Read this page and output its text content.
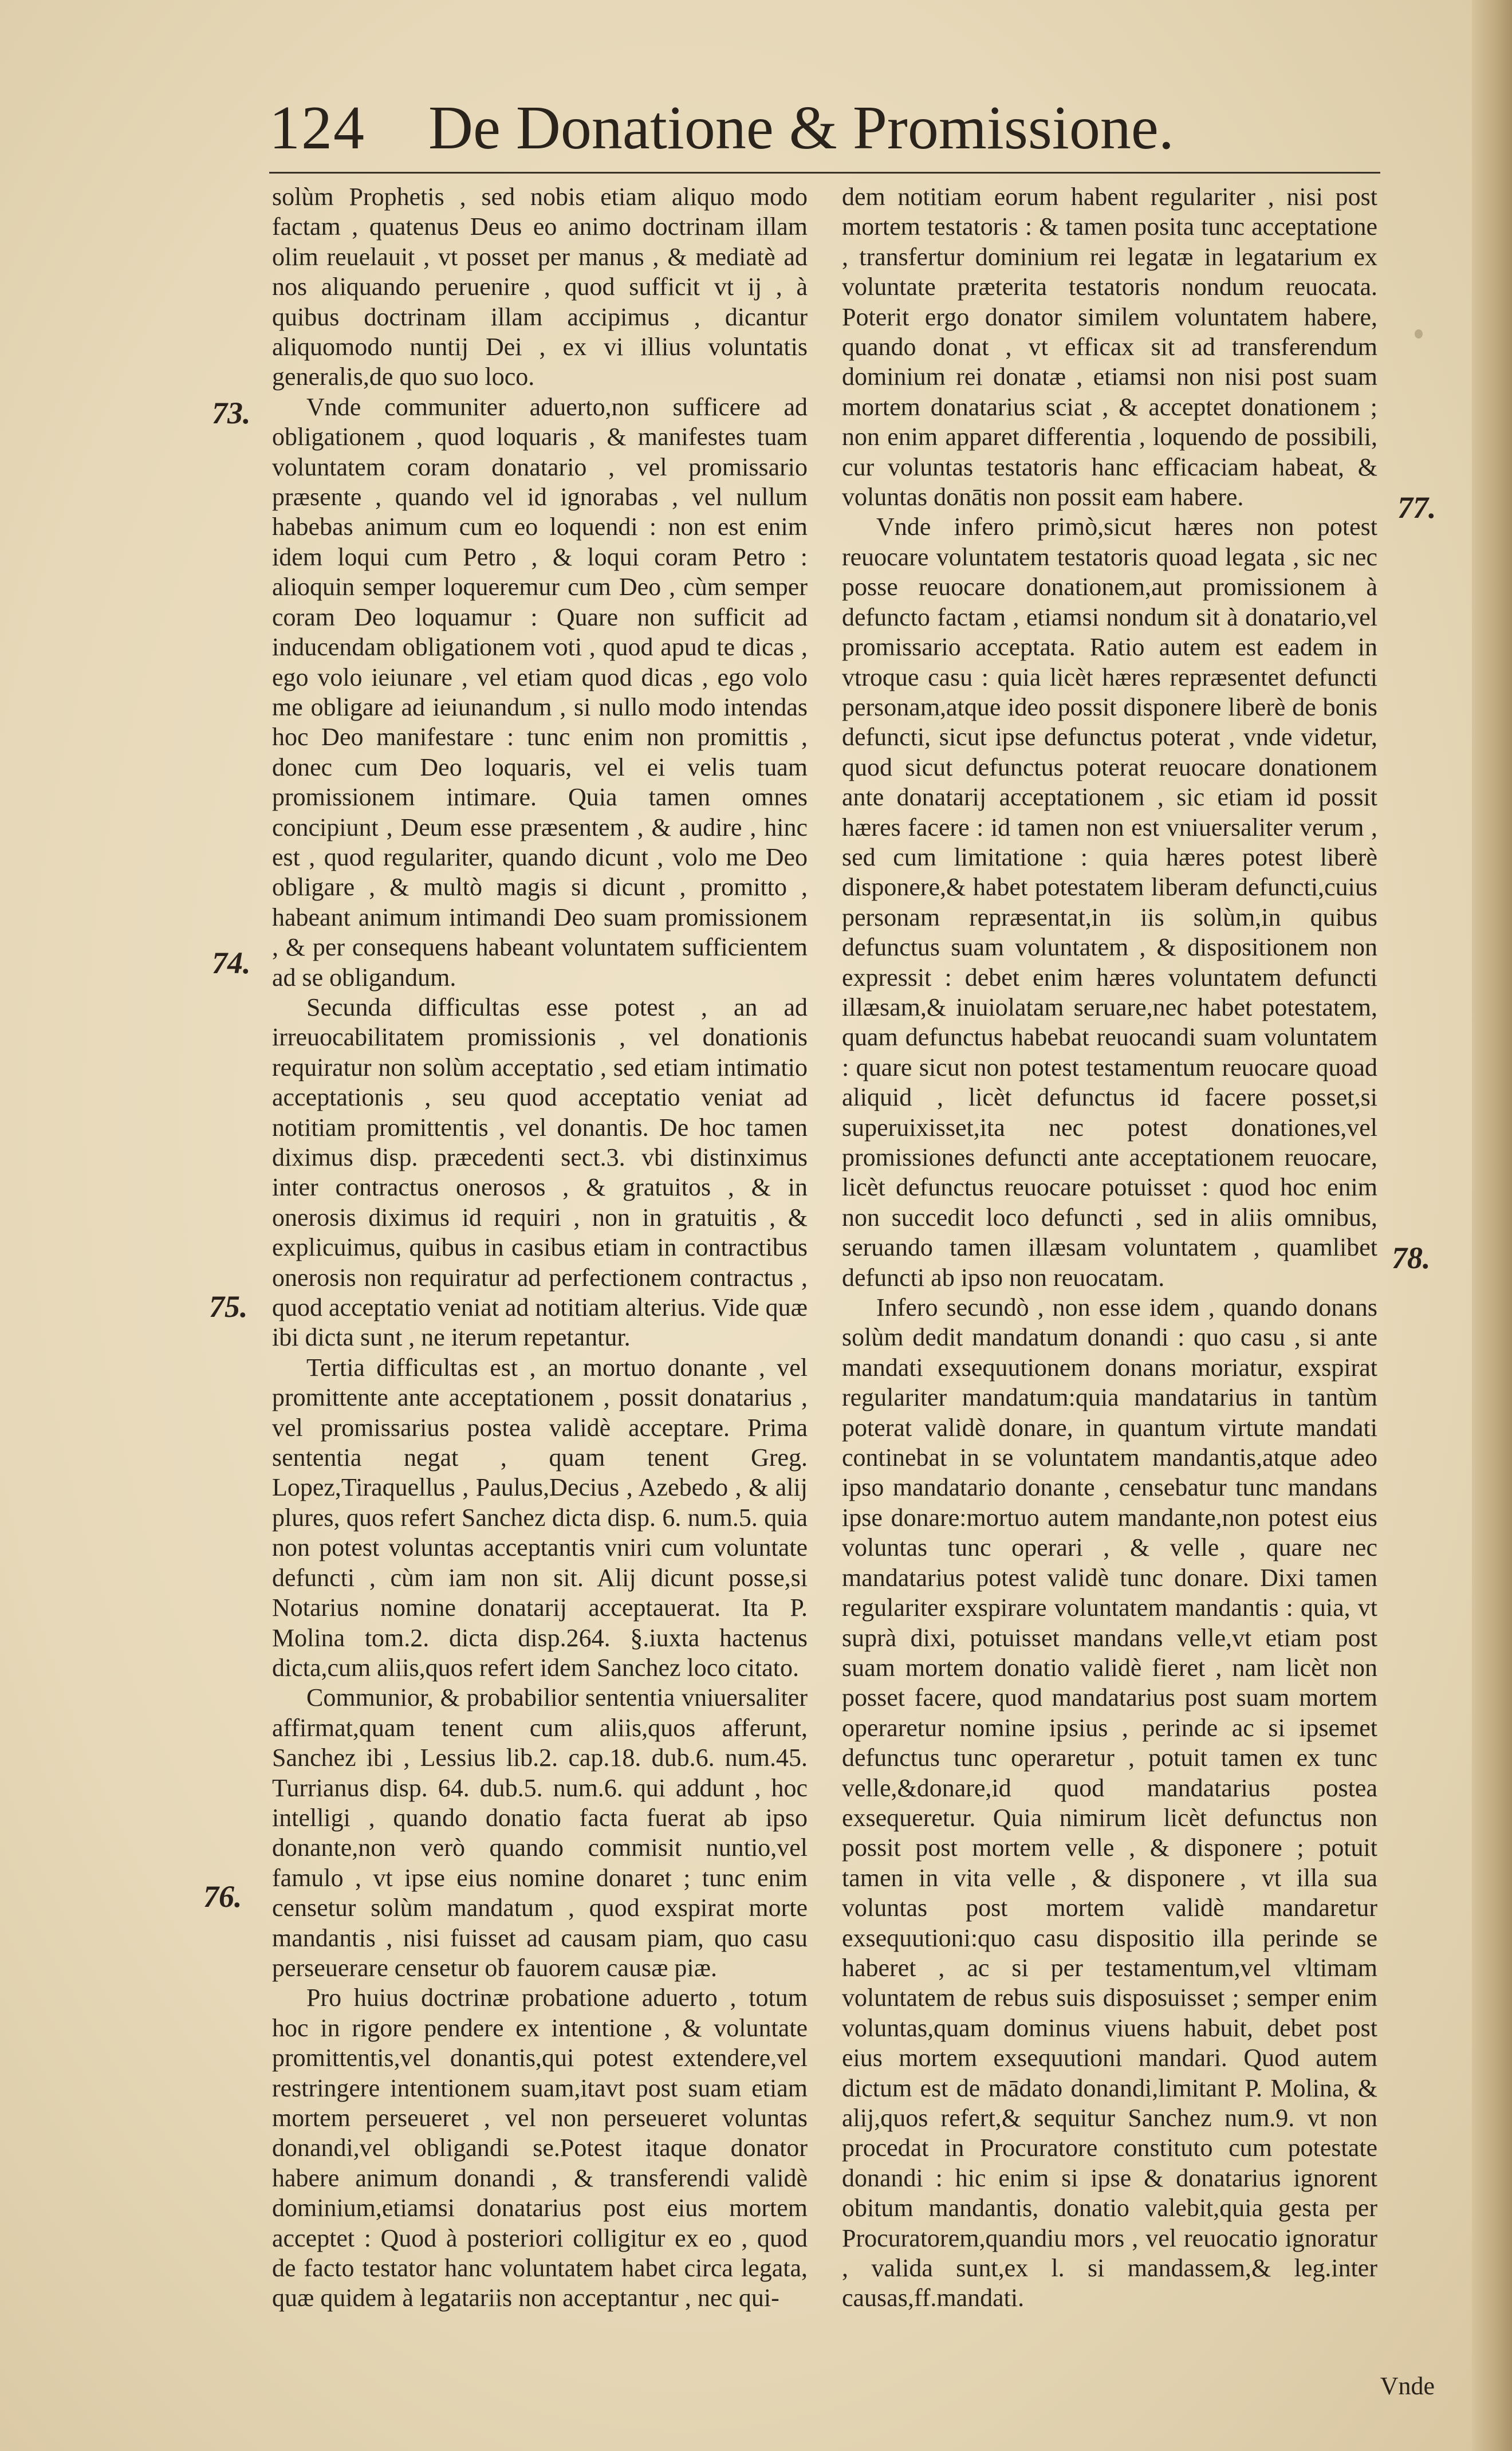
124 De Donatione & Promissione.
73.
74.
75.
76.
77.
78.

solùm Prophetis , sed nobis etiam aliquo modo factam , quatenus Deus eo animo doctrinam illam olim reuelauit , vt posset per manus , & mediatè ad nos aliquando peruenire , quod sufficit vt ij , à quibus doctrinam illam accipimus , dicantur aliquomodo nuntij Dei , ex vi illius voluntatis generalis,de quo suo loco.

Vnde communiter aduerto,non sufficere ad obligationem , quod loquaris , & manifestes tuam voluntatem coram donatario , vel promissario præsente , quando vel id ignorabas , vel nullum habebas animum cum eo loquendi : non est enim idem loqui cum Petro , & loqui coram Petro : alioquin semper loqueremur cum Deo , cùm semper coram Deo loquamur : Quare non sufficit ad inducendam obligationem voti , quod apud te dicas , ego volo ieiunare , vel etiam quod dicas , ego volo me obligare ad ieiunandum , si nullo modo intendas hoc Deo manifestare : tunc enim non promittis , donec cum Deo loquaris, vel ei velis tuam promissionem intimare. Quia tamen omnes concipiunt , Deum esse præsentem , & audire , hinc est , quod regulariter, quando dicunt , volo me Deo obligare , & multò magis si dicunt , promitto , habeant animum intimandi Deo suam promissionem , & per consequens habeant voluntatem sufficientem ad se obligandum.

Secunda difficultas esse potest , an ad irreuocabilitatem promissionis , vel donationis requiratur non solùm acceptatio , sed etiam intimatio acceptationis , seu quod acceptatio veniat ad notitiam promittentis , vel donantis. De hoc tamen diximus disp. præcedenti sect.3. vbi distinximus inter contractus onerosos , & gratuitos , & in onerosis diximus id requiri , non in gratuitis , & explicuimus, quibus in casibus etiam in contractibus onerosis non requiratur ad perfectionem contractus , quod acceptatio veniat ad notitiam alterius. Vide quæ ibi dicta sunt , ne iterum repetantur.

Tertia difficultas est , an mortuo donante , vel promittente ante acceptationem , possit donatarius , vel promissarius postea validè acceptare. Prima sententia negat , quam tenent Greg. Lopez,Tiraquellus , Paulus,Decius , Azebedo , & alij plures, quos refert Sanchez dicta disp. 6. num.5. quia non potest voluntas acceptantis vniri cum voluntate defuncti , cùm iam non sit. Alij dicunt posse,si Notarius nomine donatarij acceptauerat. Ita P. Molina tom.2. dicta disp.264. §.iuxta hactenus dicta,cum aliis,quos refert idem Sanchez loco citato.

Communior, & probabilior sententia vniuersaliter affirmat,quam tenent cum aliis,quos afferunt, Sanchez ibi , Lessius lib.2. cap.18. dub.6. num.45. Turrianus disp. 64. dub.5. num.6. qui addunt , hoc intelligi , quando donatio facta fuerat ab ipso donante,non verò quando commisit nuntio,vel famulo , vt ipse eius nomine donaret ; tunc enim censetur solùm mandatum , quod exspirat morte mandantis , nisi fuisset ad causam piam, quo casu perseuerare censetur ob fauorem causæ piæ.

Pro huius doctrinæ probatione aduerto , totum hoc in rigore pendere ex intentione , & voluntate promittentis,vel donantis,qui potest extendere,vel restringere intentionem suam,itavt post suam etiam mortem perseueret , vel non perseueret voluntas donandi,vel obligandi se.Potest itaque donator habere animum donandi , & transferendi validè dominium,etiamsi donatarius post eius mortem acceptet : Quod à posteriori colligitur ex eo , quod de facto testator hanc voluntatem habet circa legata, quæ quidem à legatariis non acceptantur , nec qui-

dem notitiam eorum habent regulariter , nisi post mortem testatoris : & tamen posita tunc acceptatione , transfertur dominium rei legatæ in legatarium ex voluntate præterita testatoris nondum reuocata. Poterit ergo donator similem voluntatem habere, quando donat , vt efficax sit ad transferendum dominium rei donatæ , etiamsi non nisi post suam mortem donatarius sciat , & acceptet donationem ; non enim apparet differentia , loquendo de possibili, cur voluntas testatoris hanc efficaciam habeat, & voluntas donātis non possit eam habere.

Vnde infero primò,sicut hæres non potest reuocare voluntatem testatoris quoad legata , sic nec posse reuocare donationem,aut promissionem à defuncto factam , etiamsi nondum sit à donatario,vel promissario acceptata. Ratio autem est eadem in vtroque casu : quia licèt hæres repræsentet defuncti personam,atque ideo possit disponere liberè de bonis defuncti, sicut ipse defunctus poterat , vnde videtur, quod sicut defunctus poterat reuocare donationem ante donatarij acceptationem , sic etiam id possit hæres facere : id tamen non est vniuersaliter verum , sed cum limitatione : quia hæres potest liberè disponere,& habet potestatem liberam defuncti,cuius personam repræsentat,in iis solùm,in quibus defunctus suam voluntatem , & dispositionem non expressit : debet enim hæres voluntatem defuncti illæsam,& inuiolatam seruare,nec habet potestatem, quam defunctus habebat reuocandi suam voluntatem : quare sicut non potest testamentum reuocare quoad aliquid , licèt defunctus id facere posset,si superuixisset,ita nec potest donationes,vel promissiones defuncti ante acceptationem reuocare, licèt defunctus reuocare potuisset : quod hoc enim non succedit loco defuncti , sed in aliis omnibus, seruando tamen illæsam voluntatem , quamlibet defuncti ab ipso non reuocatam.

Infero secundò , non esse idem , quando donans solùm dedit mandatum donandi : quo casu , si ante mandati exsequutionem donans moriatur, exspirat regulariter mandatum:quia mandatarius in tantùm poterat validè donare, in quantum virtute mandati continebat in se voluntatem mandantis,atque adeo ipso mandatario donante , censebatur tunc mandans ipse donare:mortuo autem mandante,non potest eius voluntas tunc operari , & velle , quare nec mandatarius potest validè tunc donare. Dixi tamen regulariter exspirare voluntatem mandantis : quia, vt suprà dixi, potuisset mandans velle,vt etiam post suam mortem donatio validè fieret , nam licèt non posset facere, quod mandatarius post suam mortem operaretur nomine ipsius , perinde ac si ipsemet defunctus tunc operaretur , potuit tamen ex tunc velle,&donare,id quod mandatarius postea exsequeretur. Quia nimirum licèt defunctus non possit post mortem velle , & disponere ; potuit tamen in vita velle , & disponere , vt illa sua voluntas post mortem validè mandaretur exsequutioni:quo casu dispositio illa perinde se haberet , ac si per testamentum,vel vltimam voluntatem de rebus suis disposuisset ; semper enim voluntas,quam dominus viuens habuit, debet post eius mortem exsequutioni mandari. Quod autem dictum est de mādato donandi,limitant P. Molina, & alij,quos refert,& sequitur Sanchez num.9. vt non procedat in Procuratore constituto cum potestate donandi : hic enim si ipse & donatarius ignorent obitum mandantis, donatio valebit,quia gesta per Procuratorem,quandiu mors , vel reuocatio ignoratur , valida sunt,ex l. si mandassem,& leg.inter causas,ff.mandati.

Vnde
